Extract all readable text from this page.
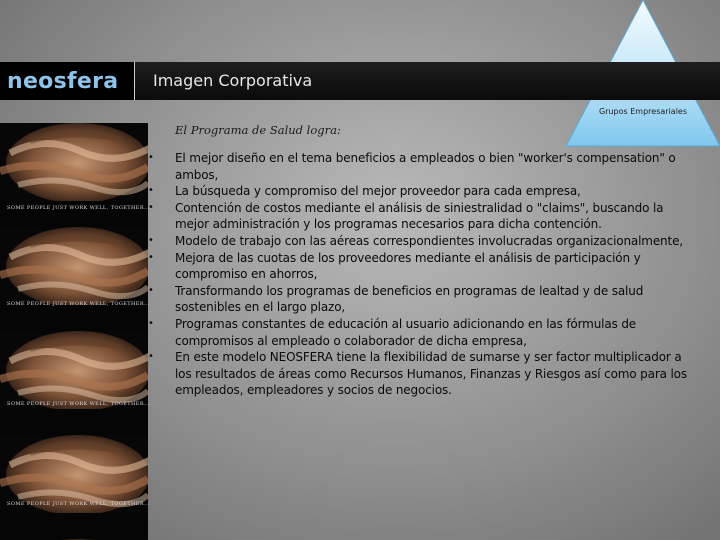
Grupos Empresariales
neosfera Imagen Corporativa
SOME PEOPLE JUST WORK WELL, TOGETHER...
SOME PEOPLE JUST WORK WELL, TOGETHER...
SOME PEOPLE JUST WORK WELL, TOGETHER...
SOME PEOPLE JUST WORK WELL, TOGETHER...
El Programa de Salud logra:
• El mejor diseño en el tema beneficios a empleados o bien "worker's compensation" o ambos,
• La búsqueda y compromiso del mejor proveedor para cada empresa,
• Contención de costos mediante el análisis de siniestralidad o "claims", buscando la mejor administración y los programas necesarios para dicha contención.
• Modelo de trabajo con las aéreas correspondientes involucradas organizacionalmente,
• Mejora de las cuotas de los proveedores mediante el análisis de participación y compromiso en ahorros,
• Transformando los programas de beneficios en programas de lealtad y de salud sostenibles en el largo plazo,
• Programas constantes de educación al usuario adicionando en las fórmulas de compromisos al empleado o colaborador de dicha empresa,
• En este modelo NEOSFERA tiene la flexibilidad de sumarse y ser factor multiplicador a los resultados de áreas como Recursos Humanos, Finanzas y Riesgos así como para los empleados, empleadores y socios de negocios.
